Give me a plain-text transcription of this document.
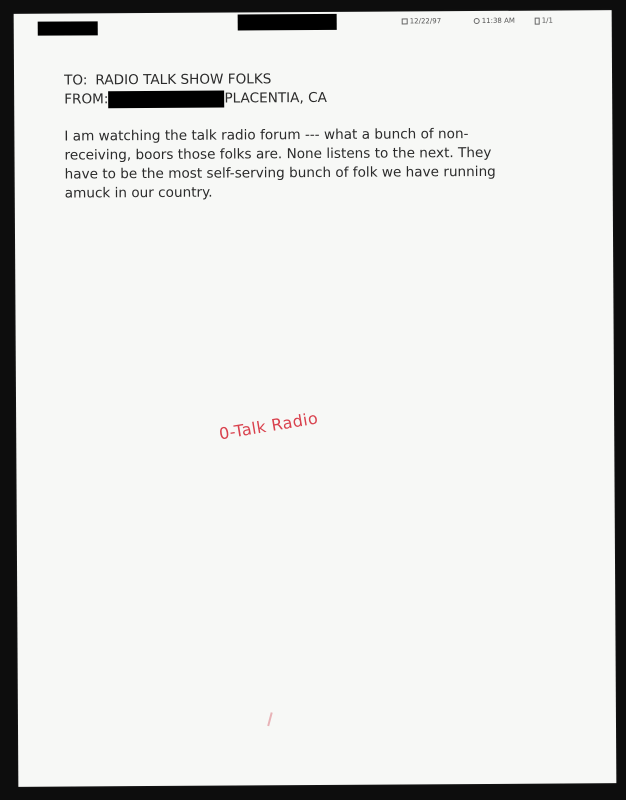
12/22/97	11:38 AM	1/1
TO: RADIO TALK SHOW FOLKS
FROM:	PLACENTIA, CA
I am watching the talk radio forum --- what a bunch of non-
receiving, boors those folks are. None listens to the next. They
have to be the most self-serving bunch of folk we have running
amuck in our country.
0-Talk Radio
